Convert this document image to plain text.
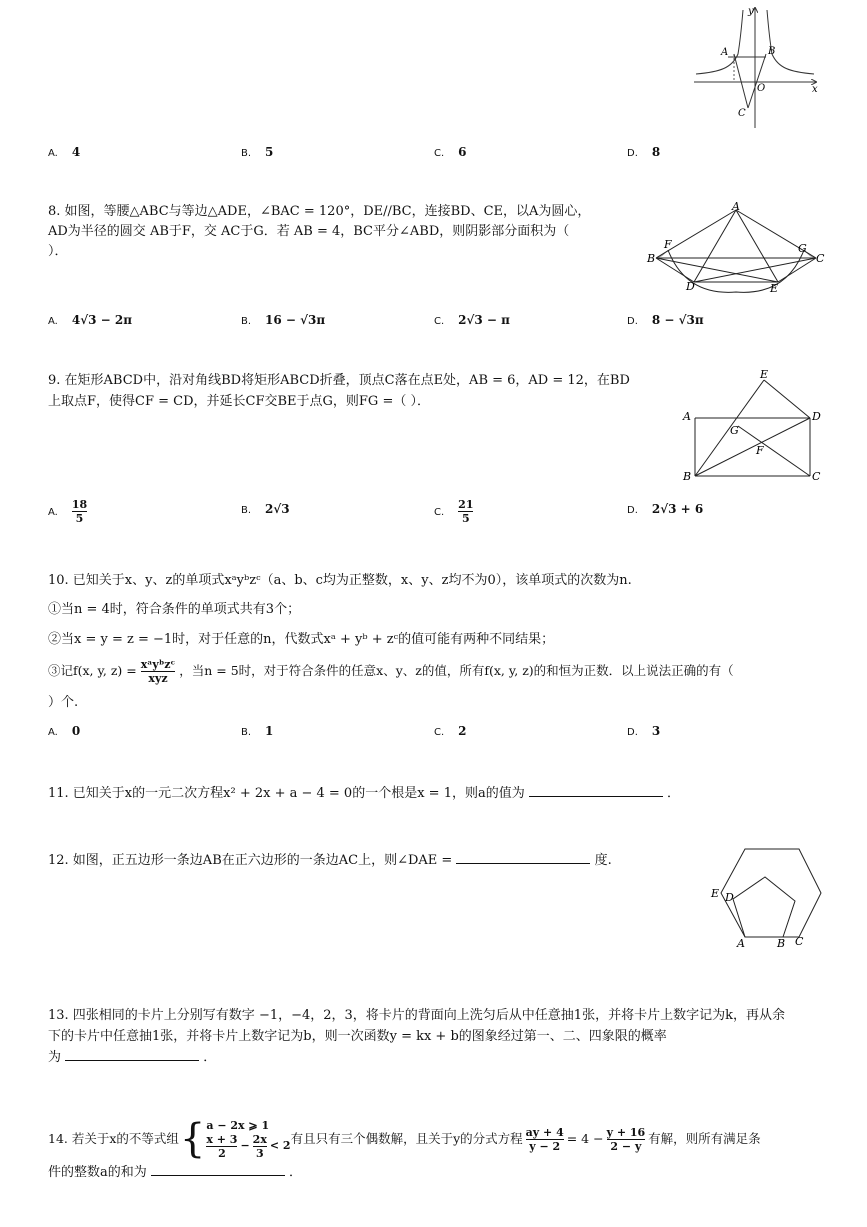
y
x
A	B
O
C
A. 4	B. 5	C. 6	D. 8
8. 如图，等腰△ABC与等边△ADE，∠BAC = 120°，DE//BC，连接BD、CE，以A为圆心，
AD为半径的圆交 AB于F，交 AC于G．若 AB = 4，BC平分∠ABD，则阴影部分面积为（
）．
A
B	C
D	E
F	G
A. 4√3 − 2π	B. 16 − √3π	C. 2√3 − π	D. 8 − √3π
9. 在矩形ABCD中，沿对角线BD将矩形ABCD折叠，顶点C落在点E处，AB = 6，AD = 12，在BD
上取点F，使得CF = CD，并延长CF交BE于点G，则FG =（ ）．
E
A	D
B	C
G
F
A. $\frac{18}{5}$	B. 2√3	C. $\frac{21}{5}$	D. 2√3 + 6
10. 已知关于x、y、z的单项式xᵃyᵇzᶜ（a、b、c均为正整数，x、y、z均不为0），该单项式的次数为n.
①当n = 4时，符合条件的单项式共有3个；
②当x = y = z = −1时，对于任意的n，代数式xᵃ + yᵇ + zᶜ的值可能有两种不同结果；
③记f(x, y, $z) = \frac{\text{xᵃyᵇzᶜ}}{\text{xyz}}$ ，当n = 5时，对于符合条件的任意x、y、z的值，所有f(x, y, z)的和恒为正数．以上说法正确的有（
）个.
A. 0	B. 1	C. 2	D. 3
11. 已知关于x的一元二次方程x² + 2x + a − 4 = 0的一个根是x = 1，则a的值为	．
12. 如图，正五边形一条边AB在正六边形的一条边AC上，则∠DAE =	度.
E D
A	B C
13. 四张相同的卡片上分别写有数字 −1，−4，2，3，将卡片的背面向上洗匀后从中任意抽1张，并将卡片上数字记为k，再从余
下的卡片中任意抽1张，并将卡片上数字记为b，则一次函数y = kx + b的图象经过第一、二、四象限的概率
为	．
14. 若关于x的不等式组 { a − 2x ⩾ 1
$\frac{x + 3}{2} - \frac{2x}{3} < 2$ 有且只有三个偶数解，且关于y的分式方程 $\frac{ay + 4}{y - 2} = 4 - \frac{y + 16}{2 - y}$ 有解，则所有满足条
件的整数a的和为	．
